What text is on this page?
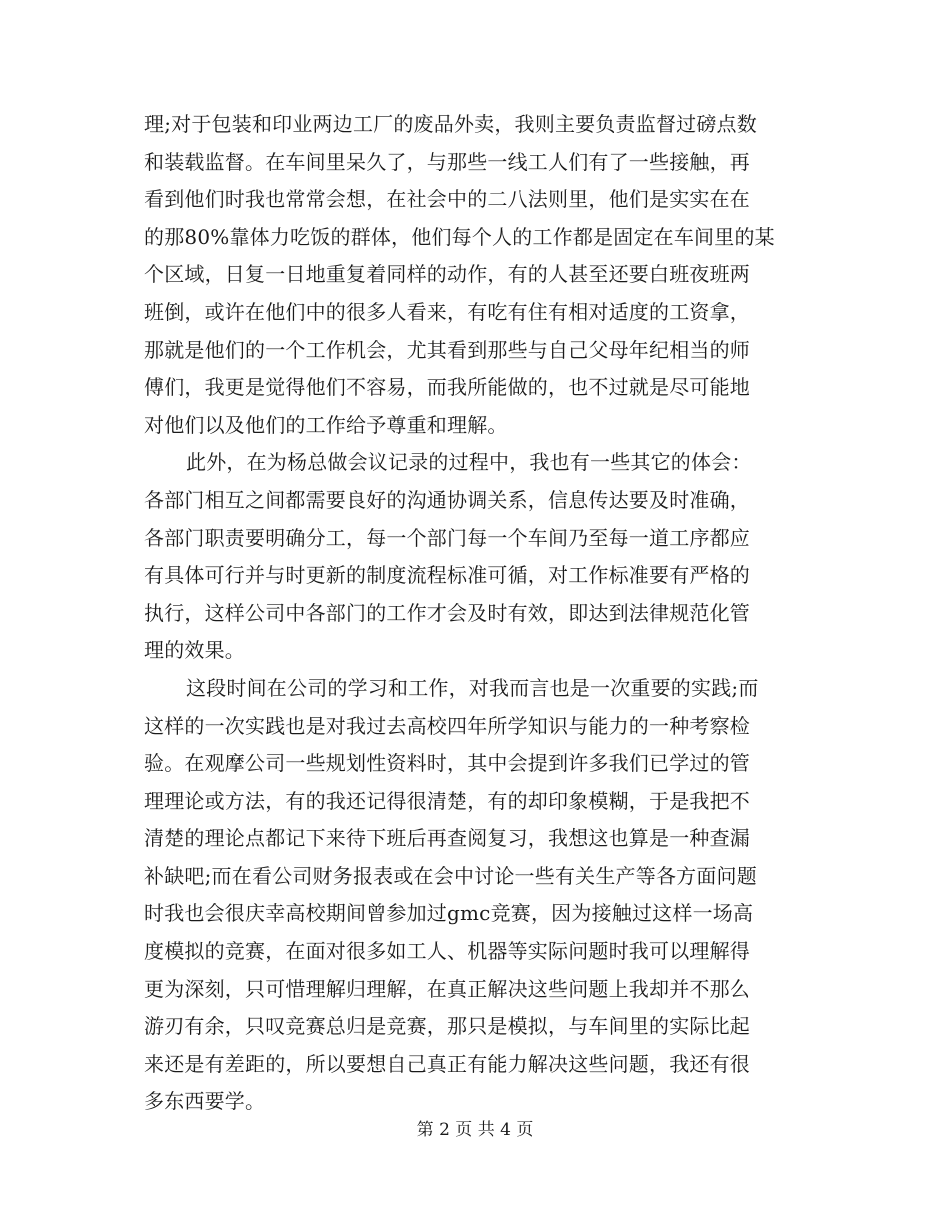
理;对于包装和印业两边工厂的废品外卖，我则主要负责监督过磅点数
和装载监督。在车间里呆久了，与那些一线工人们有了一些接触，再
看到他们时我也常常会想，在社会中的二八法则里，他们是实实在在
的那80%靠体力吃饭的群体，他们每个人的工作都是固定在车间里的某
个区域，日复一日地重复着同样的动作，有的人甚至还要白班夜班两
班倒，或许在他们中的很多人看来，有吃有住有相对适度的工资拿，
那就是他们的一个工作机会，尤其看到那些与自己父母年纪相当的师
傅们，我更是觉得他们不容易，而我所能做的，也不过就是尽可能地
对他们以及他们的工作给予尊重和理解。
此外，在为杨总做会议记录的过程中，我也有一些其它的体会：
各部门相互之间都需要良好的沟通协调关系，信息传达要及时准确，
各部门职责要明确分工，每一个部门每一个车间乃至每一道工序都应
有具体可行并与时更新的制度流程标准可循，对工作标准要有严格的
执行，这样公司中各部门的工作才会及时有效，即达到法律规范化管
理的效果。
这段时间在公司的学习和工作，对我而言也是一次重要的实践;而
这样的一次实践也是对我过去高校四年所学知识与能力的一种考察检
验。在观摩公司一些规划性资料时，其中会提到许多我们已学过的管
理理论或方法，有的我还记得很清楚，有的却印象模糊，于是我把不
清楚的理论点都记下来待下班后再查阅复习，我想这也算是一种查漏
补缺吧;而在看公司财务报表或在会中讨论一些有关生产等各方面问题
时我也会很庆幸高校期间曾参加过gmc竞赛，因为接触过这样一场高
度模拟的竞赛，在面对很多如工人、机器等实际问题时我可以理解得
更为深刻，只可惜理解归理解，在真正解决这些问题上我却并不那么
游刃有余，只叹竞赛总归是竞赛，那只是模拟，与车间里的实际比起
来还是有差距的，所以要想自己真正有能力解决这些问题，我还有很
多东西要学。
第 2 页 共 4 页
